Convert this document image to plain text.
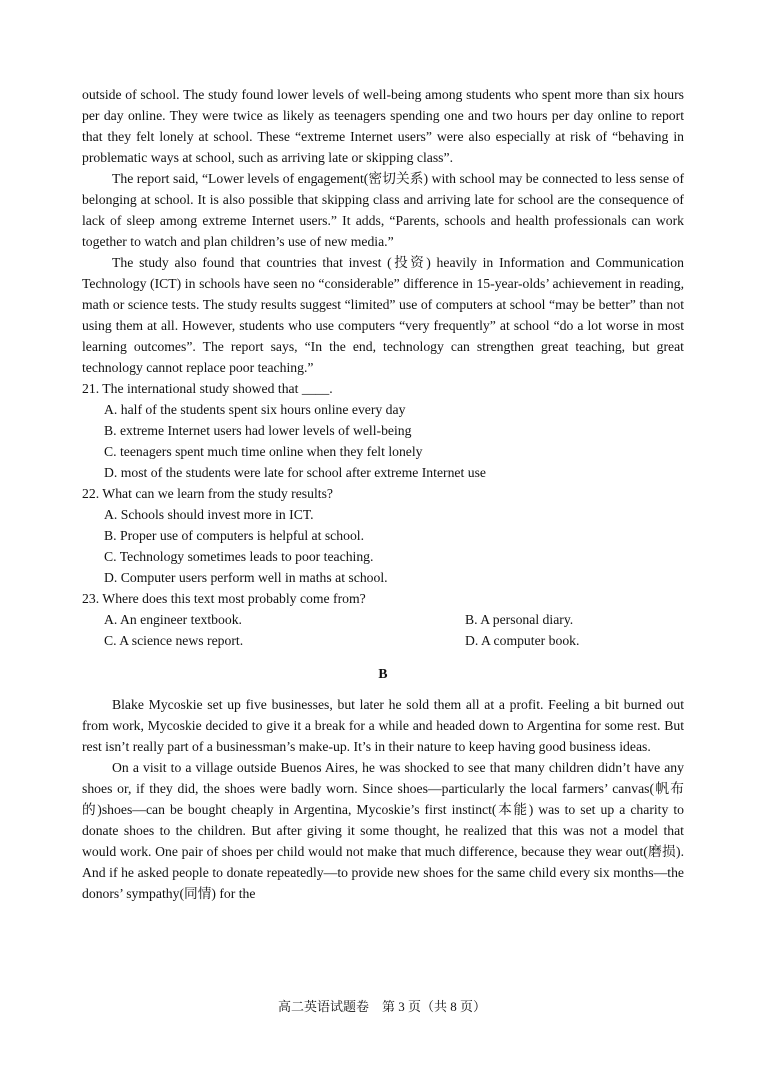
outside of school. The study found lower levels of well-being among students who spent more than six hours per day online. They were twice as likely as teenagers spending one and two hours per day online to report that they felt lonely at school. These “extreme Internet users” were also especially at risk of “behaving in problematic ways at school, such as arriving late or skipping class”.

The report said, “Lower levels of engagement(密切关系) with school may be connected to less sense of belonging at school. It is also possible that skipping class and arriving late for school are the consequence of lack of sleep among extreme Internet users.” It adds, “Parents, schools and health professionals can work together to watch and plan children’s use of new media.”

The study also found that countries that invest (投资) heavily in Information and Communication Technology (ICT) in schools have seen no “considerable” difference in 15-year-olds’ achievement in reading, math or science tests. The study results suggest “limited” use of computers at school “may be better” than not using them at all. However, students who use computers “very frequently” at school “do a lot worse in most learning outcomes”. The report says, “In the end, technology can strengthen great teaching, but great technology cannot replace poor teaching.”

21. The international study showed that ____.

A. half of the students spent six hours online every day

B. extreme Internet users had lower levels of well-being

C. teenagers spent much time online when they felt lonely

D. most of the students were late for school after extreme Internet use

22. What can we learn from the study results?

A. Schools should invest more in ICT.

B. Proper use of computers is helpful at school.

C. Technology sometimes leads to poor teaching.

D. Computer users perform well in maths at school.

23. Where does this text most probably come from?

A. An engineer textbook.	B. A personal diary.
C. A science news report.	D. A computer book.
B

Blake Mycoskie set up five businesses, but later he sold them all at a profit. Feeling a bit burned out from work, Mycoskie decided to give it a break for a while and headed down to Argentina for some rest. But rest isn’t really part of a businessman’s make-up. It’s in their nature to keep having good business ideas.

On a visit to a village outside Buenos Aires, he was shocked to see that many children didn’t have any shoes or, if they did, the shoes were badly worn. Since shoes—particularly the local farmers’ canvas(帆布的)shoes—can be bought cheaply in Argentina, Mycoskie’s first instinct(本能) was to set up a charity to donate shoes to the children. But after giving it some thought, he realized that this was not a model that would work. One pair of shoes per child would not make that much difference, because they wear out(磨损). And if he asked people to donate repeatedly—to provide new shoes for the same child every six months—the donors’ sympathy(同情) for the

高二英语试题卷　第 3 页（共 8 页）
